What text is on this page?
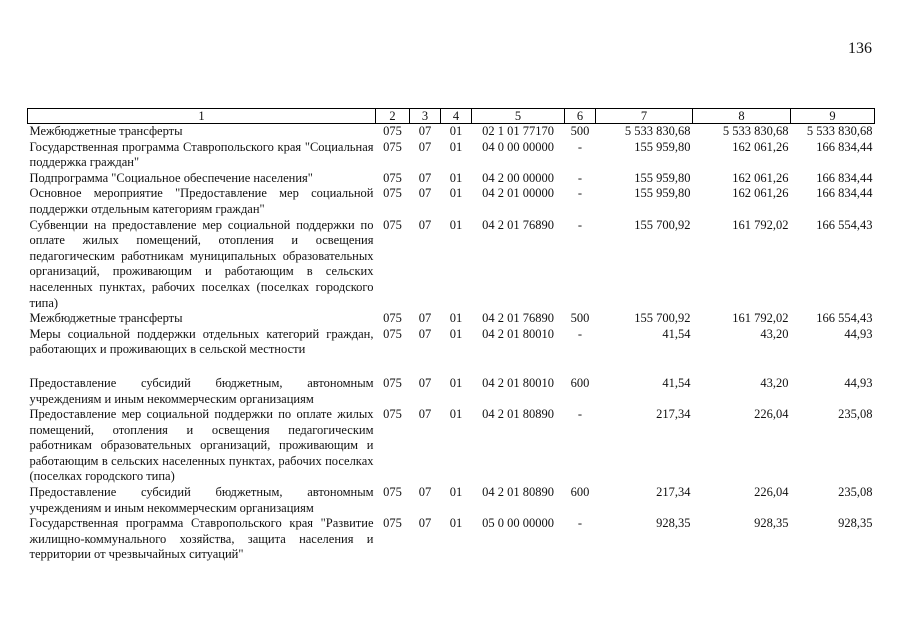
136
1	2	3	4	5	6	7	8	9
Межбюджетные трансферты	075	07	01	02 1 01 77170	500	5 533 830,68	5 533 830,68	5 533 830,68
Государственная программа Ставропольского края "Социальная поддержка граждан"	075	07	01	04 0 00 00000	-	155 959,80	162 061,26	166 834,44
Подпрограмма "Социальное обеспечение населения"	075	07	01	04 2 00 00000	-	155 959,80	162 061,26	166 834,44
Основное мероприятие "Предоставление мер социальной поддержки отдельным категориям граждан"	075	07	01	04 2 01 00000	-	155 959,80	162 061,26	166 834,44
Субвенции на предоставление мер социальной поддержки по оплате жилых помещений, отопления и освещения педагогическим работникам муниципальных образовательных организаций, проживающим и работающим в сельских населенных пунктах, рабочих поселках (поселках городского типа)	075	07	01	04 2 01 76890	-	155 700,92	161 792,02	166 554,43
Межбюджетные трансферты	075	07	01	04 2 01 76890	500	155 700,92	161 792,02	166 554,43
Меры социальной поддержки отдельных категорий граждан, работающих и проживающих в сельской местности	075	07	01	04 2 01 80010	-	41,54	43,20	44,93
Предоставление субсидий бюджетным, автономным учреждениям и иным некоммерческим организациям	075	07	01	04 2 01 80010	600	41,54	43,20	44,93
Предоставление мер социальной поддержки по оплате жилых помещений, отопления и освещения педагогическим работникам образовательных организаций, проживающим и работающим в сельских населенных пунктах, рабочих поселках (поселках городского типа)	075	07	01	04 2 01 80890	-	217,34	226,04	235,08
Предоставление субсидий бюджетным, автономным учреждениям и иным некоммерческим организациям	075	07	01	04 2 01 80890	600	217,34	226,04	235,08
Государственная программа Ставропольского края "Развитие жилищно-коммунального хозяйства, защита населения и территории от чрезвычайных ситуаций"	075	07	01	05 0 00 00000	-	928,35	928,35	928,35
